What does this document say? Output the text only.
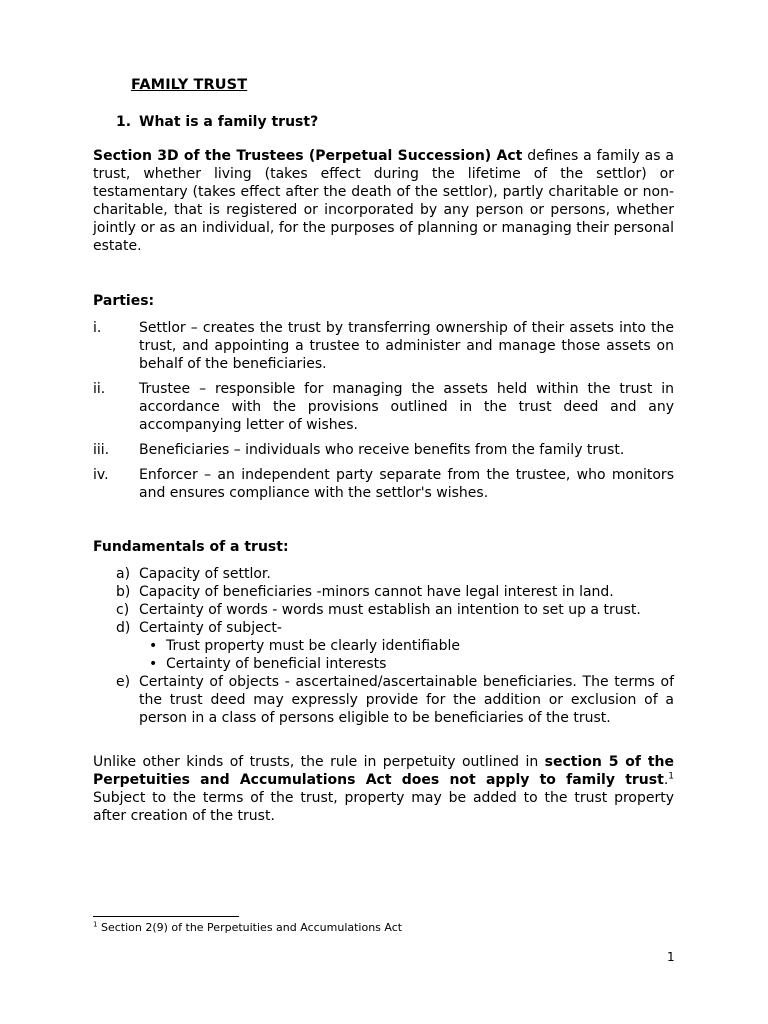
FAMILY TRUST
1. What is a family trust?
Section 3D of the Trustees (Perpetual Succession) Act defines a family as a trust, whether living (takes effect during the lifetime of the settlor) or testamentary (takes effect after the death of the settlor), partly charitable or non-charitable, that is registered or incorporated by any person or persons, whether jointly or as an individual, for the purposes of planning or managing their personal estate.
Parties:
i.	Settlor – creates the trust by transferring ownership of their assets into the trust, and appointing a trustee to administer and manage those assets on behalf of the beneficiaries.
ii.	Trustee – responsible for managing the assets held within the trust in accordance with the provisions outlined in the trust deed and any accompanying letter of wishes.
iii.	Beneficiaries – individuals who receive benefits from the family trust.
iv.	Enforcer – an independent party separate from the trustee, who monitors and ensures compliance with the settlor's wishes.
Fundamentals of a trust:
a) Capacity of settlor.
b) Capacity of beneficiaries -minors cannot have legal interest in land.
c) Certainty of words - words must establish an intention to set up a trust.
d) Certainty of subject-
• Trust property must be clearly identifiable
• Certainty of beneficial interests
e) Certainty of objects - ascertained/ascertainable beneficiaries. The terms of the trust deed may expressly provide for the addition or exclusion of a person in a class of persons eligible to be beneficiaries of the trust.
Unlike other kinds of trusts, the rule in perpetuity outlined in section 5 of the Perpetuities and Accumulations Act does not apply to family trust.$^1$ Subject to the terms of the trust, property may be added to the trust property after creation of the trust.
$^1$ Section 2(9) of the Perpetuities and Accumulations Act
1
